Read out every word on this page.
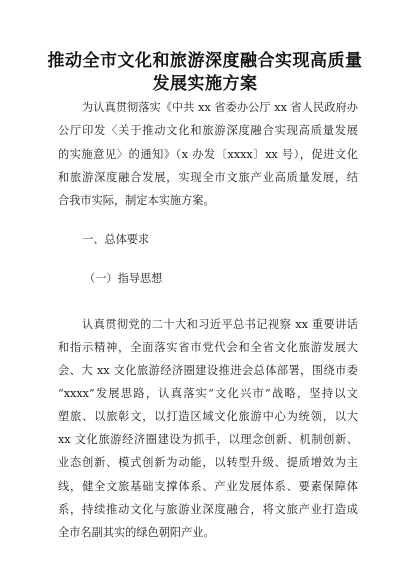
推动全市文化和旅游深度融合实现高质量
发展实施方案
为认真贯彻落实《中共 xx 省委办公厅 xx 省人民政府办
公厅印发〈关于推动文化和旅游深度融合实现高质量发展
的实施意见〉的通知》（x 办发〔xxxx〕xx 号），促进文化
和旅游深度融合发展，实现全市文旅产业高质量发展，结
合我市实际，制定本实施方案。
一、总体要求
（一）指导思想
认真贯彻党的二十大和习近平总书记视察 xx 重要讲话
和指示精神，全面落实省市党代会和全省文化旅游发展大
会、大 xx 文化旅游经济圈建设推进会总体部署，围绕市委
“xxxx”发展思路，认真落实“文化兴市”战略，坚持以文
塑旅、以旅彰文，以打造区域文化旅游中心为统领，以大
xx 文化旅游经济圈建设为抓手，以理念创新、机制创新、
业态创新、模式创新为动能，以转型升级、提质增效为主
线，健全文旅基础支撑体系、产业发展体系、要素保障体
系，持续推动文化与旅游业深度融合，将文旅产业打造成
全市名副其实的绿色朝阳产业。
